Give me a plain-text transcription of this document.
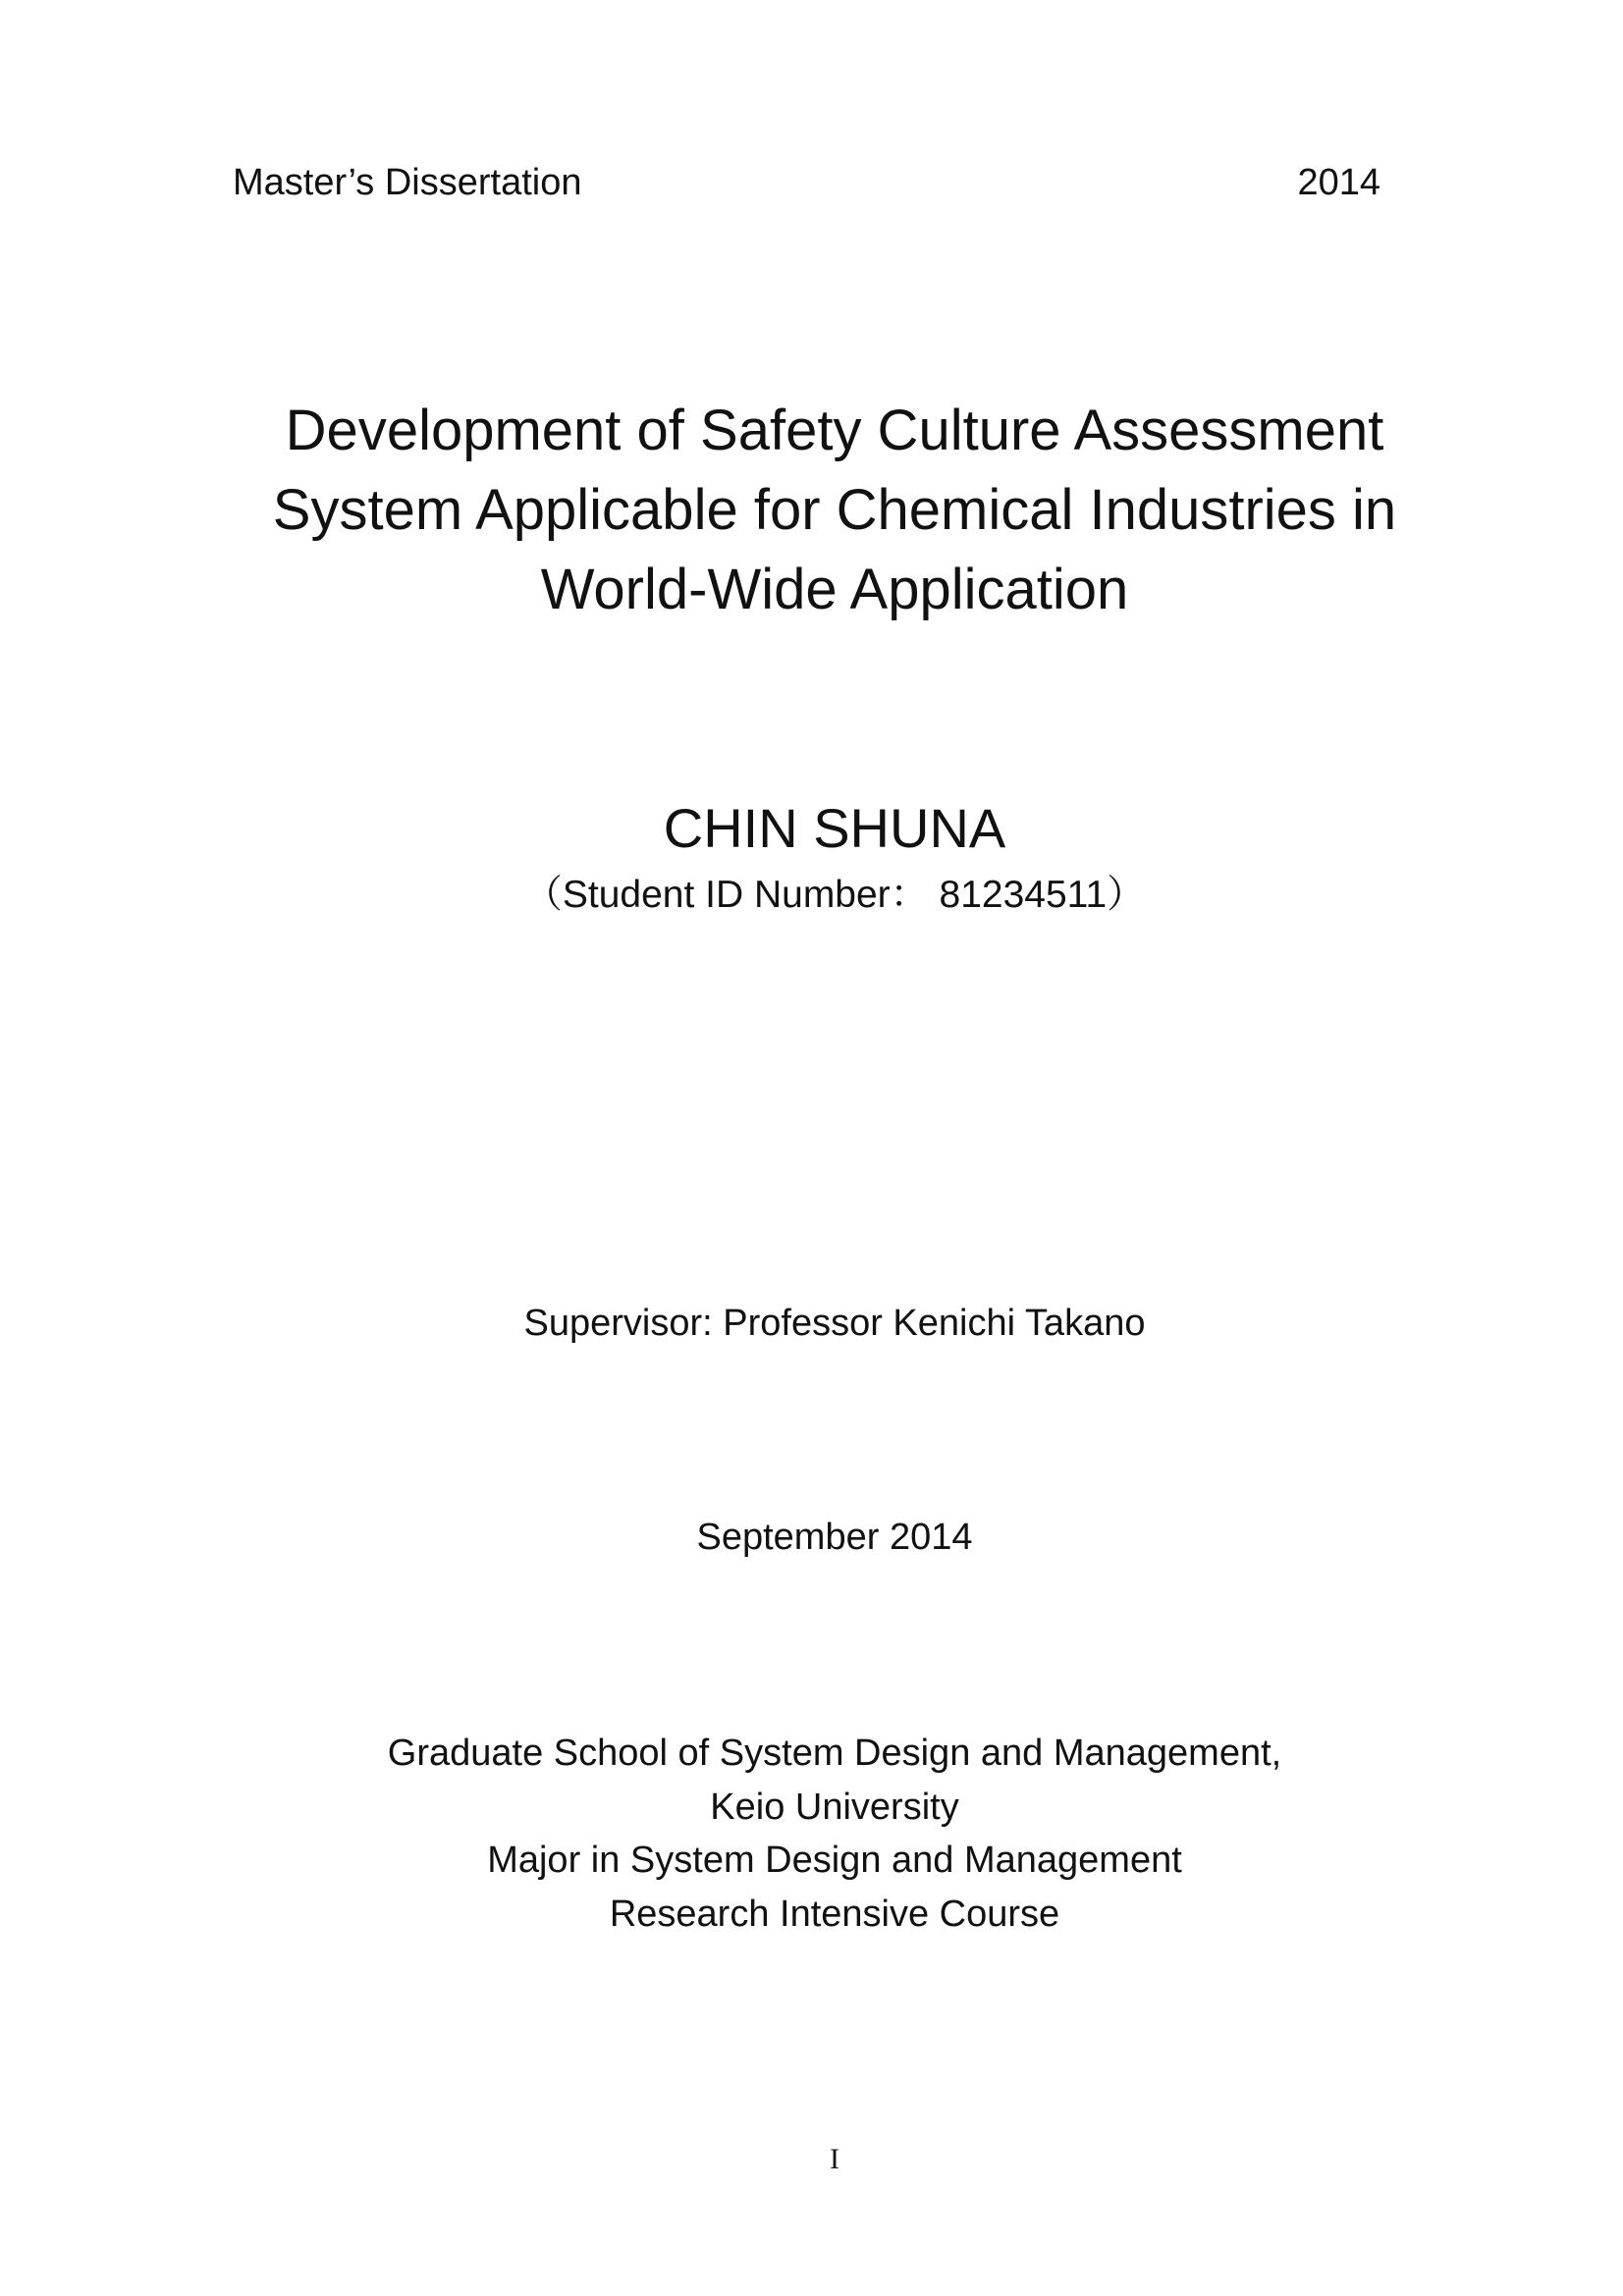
Master’s Dissertation	2014
Development of Safety Culture Assessment
System Applicable for Chemical Industries in
World-Wide Application
CHIN SHUNA
（Student ID Number： 81234511）
Supervisor: Professor Kenichi Takano
September 2014
Graduate School of System Design and Management,
Keio University
Major in System Design and Management
Research Intensive Course
I
